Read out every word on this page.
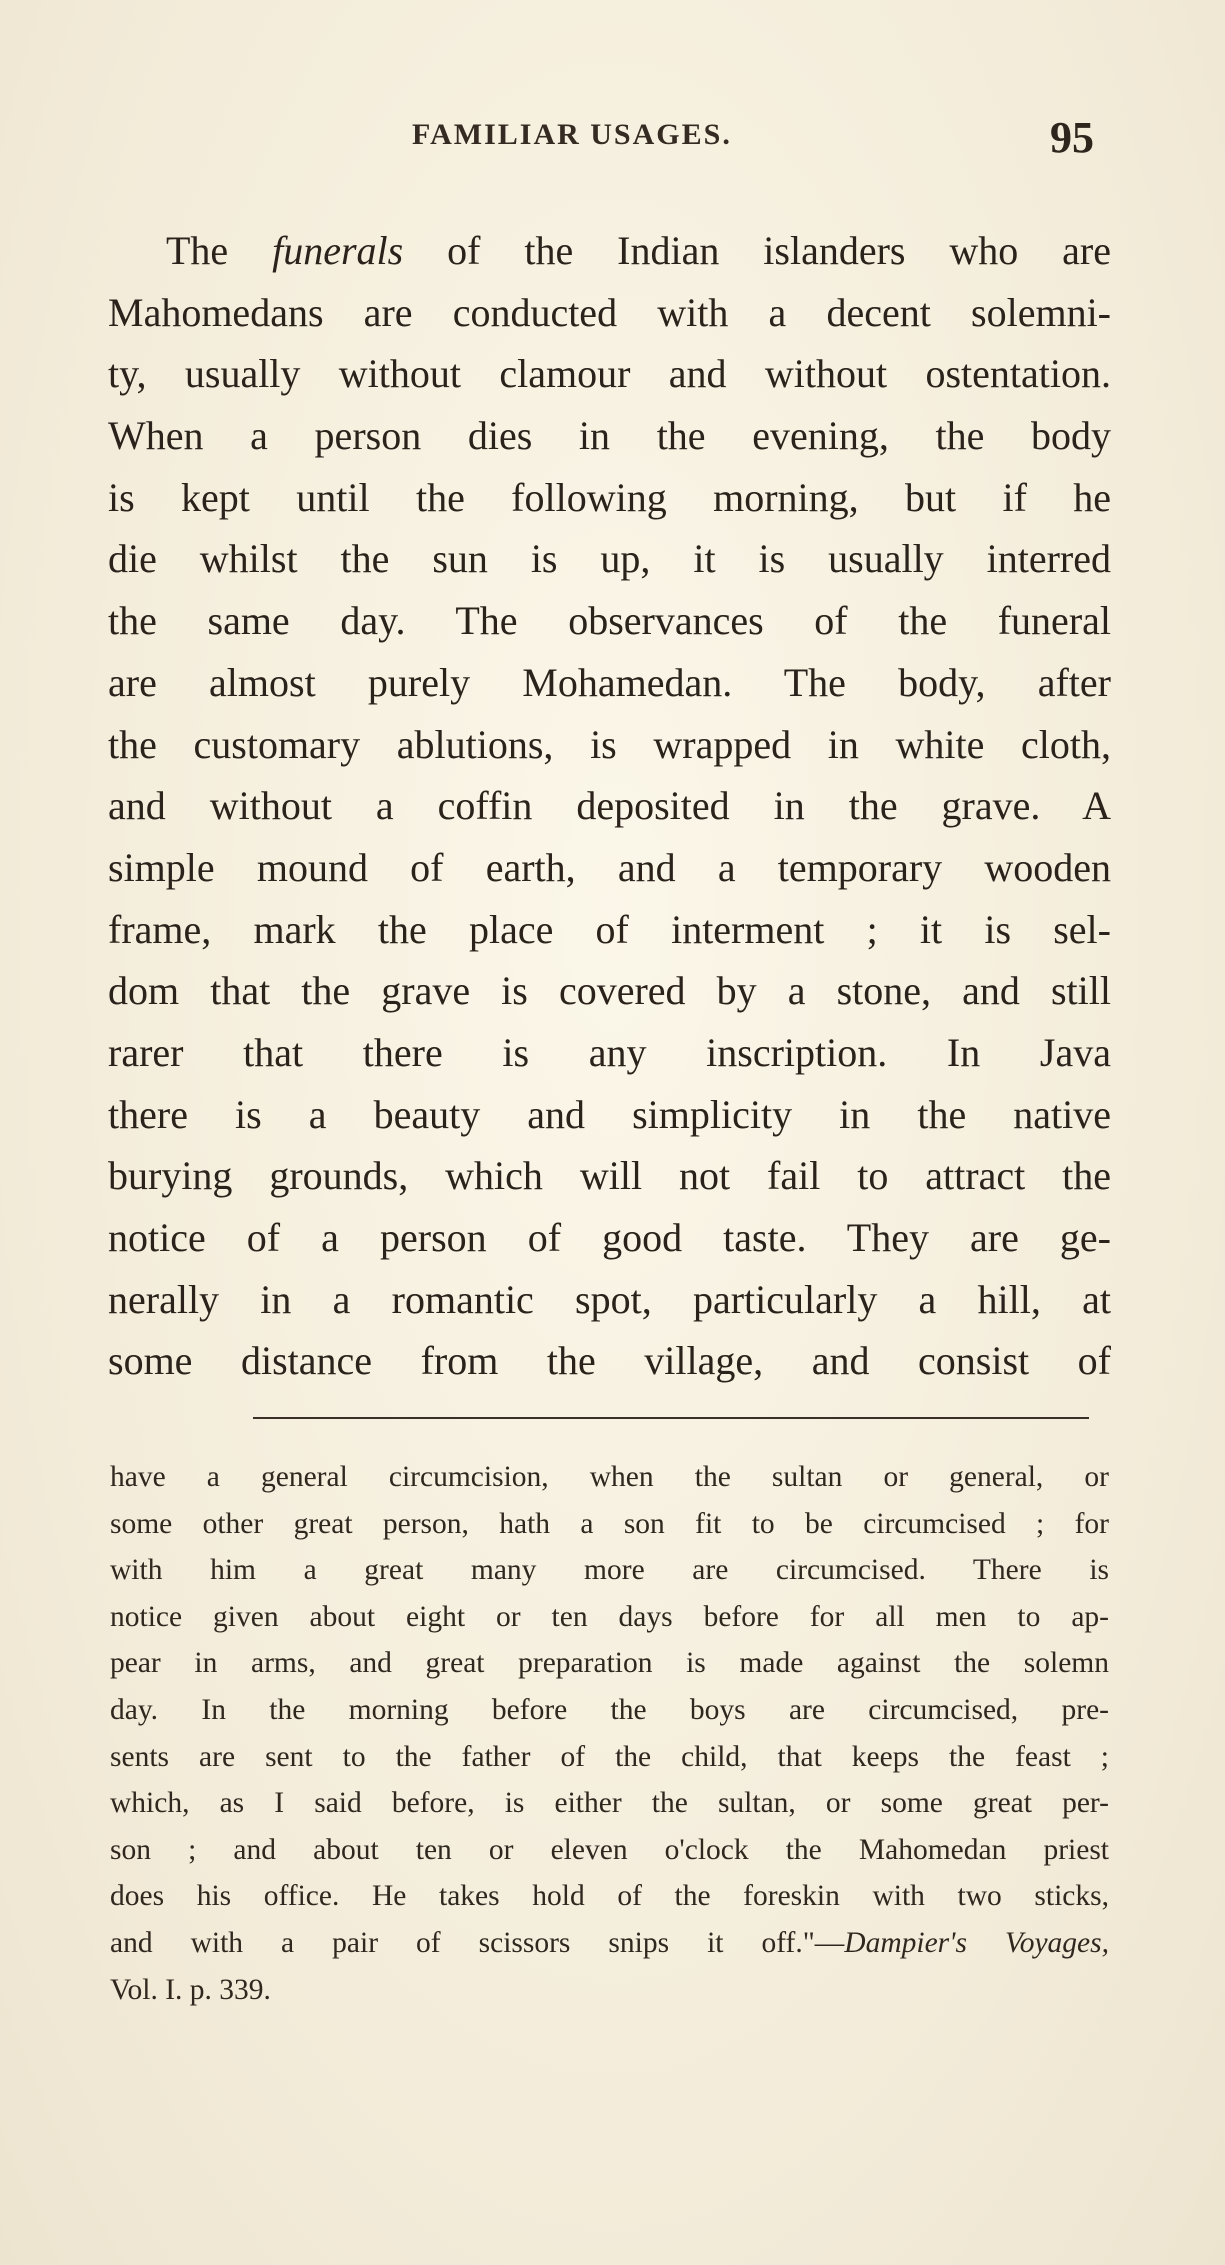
FAMILIAR USAGES.	95
The funerals of the Indian islanders who are
Mahomedans are conducted with a decent solemni-
ty, usually without clamour and without ostentation.
When a person dies in the evening, the body
is kept until the following morning, but if he
die whilst the sun is up, it is usually interred
the same day. The observances of the funeral
are almost purely Mohamedan. The body, after
the customary ablutions, is wrapped in white cloth,
and without a coffin deposited in the grave. A
simple mound of earth, and a temporary wooden
frame, mark the place of interment ; it is sel-
dom that the grave is covered by a stone, and still
rarer that there is any inscription. In Java
there is a beauty and simplicity in the native
burying grounds, which will not fail to attract the
notice of a person of good taste. They are ge-
nerally in a romantic spot, particularly a hill, at
some distance from the village, and consist of
have a general circumcision, when the sultan or general, or
some other great person, hath a son fit to be circumcised ; for
with him a great many more are circumcised. There is
notice given about eight or ten days before for all men to ap-
pear in arms, and great preparation is made against the solemn
day. In the morning before the boys are circumcised, pre-
sents are sent to the father of the child, that keeps the feast ;
which, as I said before, is either the sultan, or some great per-
son ; and about ten or eleven o'clock the Mahomedan priest
does his office. He takes hold of the foreskin with two sticks,
and with a pair of scissors snips it off."—Dampier's Voyages,
Vol. I. p. 339.
